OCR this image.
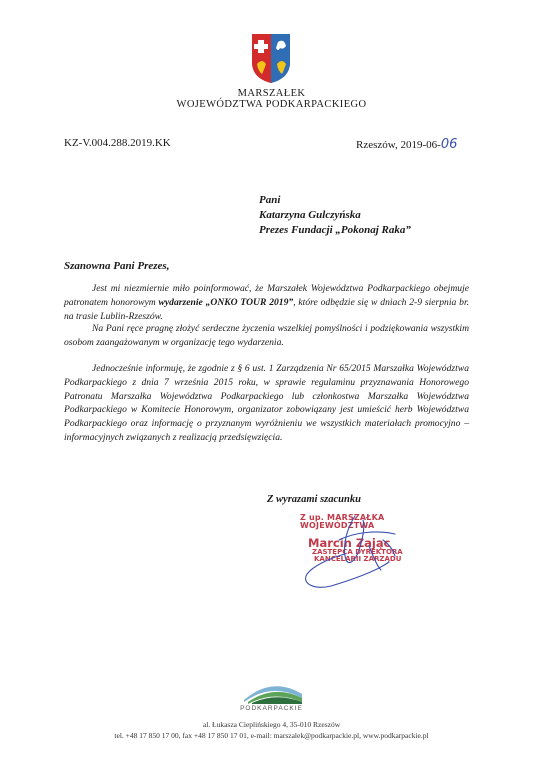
MARSZAŁEK
WOJEWÓDZTWA PODKARPACKIEGO
KZ-V.004.288.2019.KK	Rzeszów, 2019-06-06
Pani
Katarzyna Gulczyńska
Prezes Fundacji „Pokonaj Raka”
Szanowna Pani Prezes,
Jest mi niezmiernie miło poinformować, że Marszałek Województwa Podkarpackiego obejmuje patronatem honorowym wydarzenie „ONKO TOUR 2019”, które odbędzie się w dniach 2-9 sierpnia br. na trasie Lublin-Rzeszów.
Na Pani ręce pragnę złożyć serdeczne życzenia wszelkiej pomyślności i podziękowania wszystkim osobom zaangażowanym w organizację tego wydarzenia.
Jednocześnie informuję, że zgodnie z § 6 ust. 1 Zarządzenia Nr 65/2015 Marszałka Województwa Podkarpackiego z dnia 7 września 2015 roku, w sprawie regulaminu przyznawania Honorowego Patronatu Marszałka Województwa Podkarpackiego lub członkostwa Marszałka Województwa Podkarpackiego w Komitecie Honorowym, organizator zobowiązany jest umieścić herb Województwa Podkarpackiego oraz informację o przyznanym wyróżnieniu we wszystkich materiałach promocyjno – informacyjnych związanych z realizacją przedsięwzięcia.
Z wyrazami szacunku
Z up. MARSZAŁKA WOJEWÓDZTWA
Marcin Zając
ZASTĘPCA DYREKTORA
KANCELARII ZARZĄDU
PODKARPACKIE
al. Łukasza Cieplińskiego 4, 35-010 Rzeszów
tel. +48 17 850 17 00, fax +48 17 850 17 01, e-mail: marszalek@podkarpackie.pl, www.podkarpackie.pl
